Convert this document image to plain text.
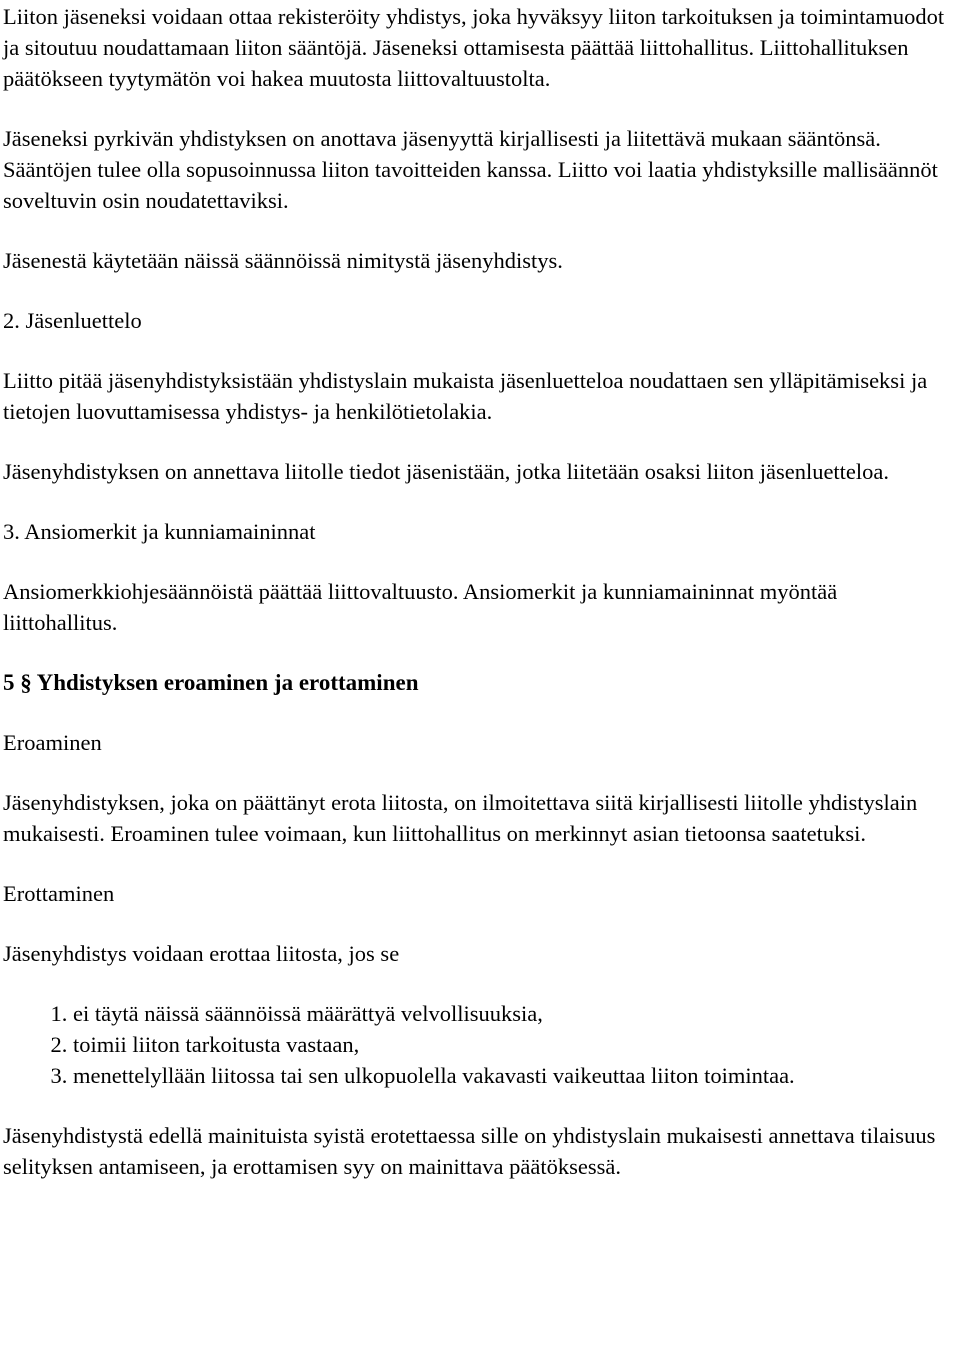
Liiton jäseneksi voidaan ottaa rekisteröity yhdistys, joka hyväksyy liiton tarkoituksen ja toimintamuodot ja sitoutuu noudattamaan liiton sääntöjä. Jäseneksi ottamisesta päättää liittohallitus. Liittohallituksen päätökseen tyytymätön voi hakea muutosta liittovaltuustolta.

Jäseneksi pyrkivän yhdistyksen on anottava jäsenyyttä kirjallisesti ja liitettävä mukaan sääntönsä. Sääntöjen tulee olla sopusoinnussa liiton tavoitteiden kanssa. Liitto voi laatia yhdistyksille mallisäännöt soveltuvin osin noudatettaviksi.

Jäsenestä käytetään näissä säännöissä nimitystä jäsenyhdistys.

2. Jäsenluettelo

Liitto pitää jäsenyhdistyksistään yhdistyslain mukaista jäsenluetteloa noudattaen sen ylläpitämiseksi ja tietojen luovuttamisessa yhdistys- ja henkilötietolakia.

Jäsenyhdistyksen on annettava liitolle tiedot jäsenistään, jotka liitetään osaksi liiton jäsenluetteloa.

3. Ansiomerkit ja kunniamaininnat

Ansiomerkkiohjesäännöistä päättää liittovaltuusto. Ansiomerkit ja kunniamaininnat myöntää liittohallitus.

5 § Yhdistyksen eroaminen ja erottaminen

Eroaminen

Jäsenyhdistyksen, joka on päättänyt erota liitosta, on ilmoitettava siitä kirjallisesti liitolle yhdistyslain mukaisesti. Eroaminen tulee voimaan, kun liittohallitus on merkinnyt asian tietoonsa saatetuksi.

Erottaminen

Jäsenyhdistys voidaan erottaa liitosta, jos se

1. ei täytä näissä säännöissä määrättyä velvollisuuksia,
2. toimii liiton tarkoitusta vastaan,
3. menettelyllään liitossa tai sen ulkopuolella vakavasti vaikeuttaa liiton toimintaa.

Jäsenyhdistystä edellä mainituista syistä erotettaessa sille on yhdistyslain mukaisesti annettava tilaisuus selityksen antamiseen, ja erottamisen syy on mainittava päätöksessä.
